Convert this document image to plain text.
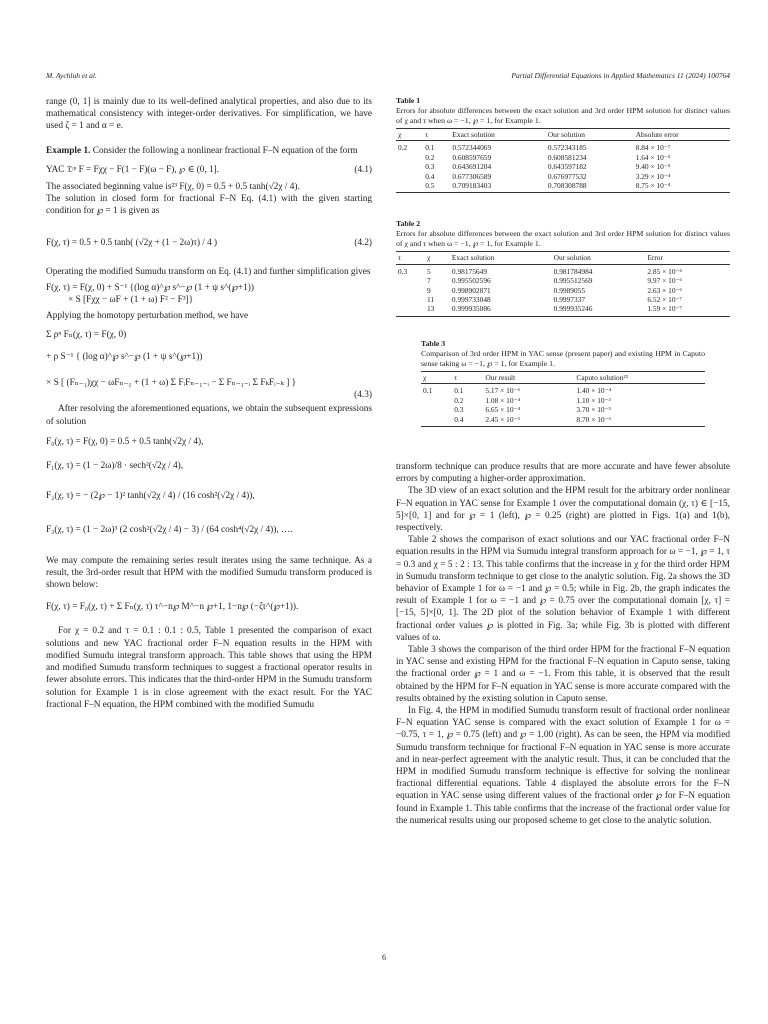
M. Aychluh et al.	Partial Differential Equations in Applied Mathematics 11 (2024) 100764

range (0, 1] is mainly due to its well-defined analytical properties, and also due to its mathematical consistency with integer-order derivatives. For simplification, we have used ζ = 1 and α = e.

Example 1. Consider the following a nonlinear fractional F–N equation of the form

YAC 𝔇ᵖ F = Fχχ − F(1 − F)(ω − F), ℘ ∈ (0, 1].	(4.1)

The associated beginning value is²³ F(χ, 0) = 0.5 + 0.5 tanh(√2χ / 4).

The solution in closed form for fractional F–N Eq. (4.1) with the given starting condition for ℘ = 1 is given as

F(χ, τ) = 0.5 + 0.5 tanh( (√2χ + (1 − 2ω)τ) / 4 )	(4.2)

Operating the modified Sumudu transform on Eq. (4.1) and further simplification gives

F(χ, τ) = F(χ, 0) + S⁻¹ {(log α)^℘ s^−℘ (1 + ψ s^(℘+1))
× S [Fχχ − ωF + (1 + ω) F² − F³]}

Applying the homotopy perturbation method, we have

Σ ρⁿ Fₙ(χ, τ) = F(χ, 0)
+ ρ S⁻¹ { (log α)^℘ s^−℘ (1 + ψ s^(℘+1))
× S [ (Fₙ₋₁)χχ − ωFₙ₋₁ + (1 + ω) Σ FᵢFₙ₋₁₋ᵢ − Σ Fₙ₋₁₋ᵢ Σ FₖFᵢ₋ₖ ] }
(4.3)

After resolving the aforementioned equations, we obtain the subsequent expressions of solution

F₀(χ, τ) = F(χ, 0) = 0.5 + 0.5 tanh(√2χ / 4),
F₁(χ, τ) = (1 − 2ω)/8 · sech²(√2χ / 4),
F₂(χ, τ) = − (2℘ − 1)² tanh(√2χ / 4) / (16 cosh²(√2χ / 4)),
F₃(χ, τ) = (1 − 2ω)³ (2 cosh²(√2χ / 4) − 3) / (64 cosh⁴(√2χ / 4)), ….

We may compute the remaining series result iterates using the same technique. As a result, the 3rd-order result that HPM with the modified Sumudu transform produced is shown below:

F(χ, τ) = F₀(χ, τ) + Σ Fₙ(χ, τ) τ^−n℘ M^−n ℘+1, 1−n℘ (−ζτ^(℘+1)).

For χ = 0.2 and τ = 0.1 : 0.1 : 0.5, Table 1 presented the comparison of exact solutions and new YAC fractional order F–N equation results in the HPM with modified Sumudu integral transform approach. This table shows that using the HPM and modified Sumudu transform techniques to suggest a fractional operator results in fewer absolute errors. This indicates that the third-order HPM in the Sumudu transform solution for Example 1 is in close agreement with the exact result. For the YAC fractional F–N equation, the HPM combined with the modified Sumudu

Table 1
Errors for absolute differences between the exact solution and 3rd order HPM solution for distinct values of χ and τ when ω = −1, ℘ = 1, for Example 1.
χ	τ	Exact solution	Our solution	Absolute error
0.2	0.1	0.572344069	0.572343185	8.84 × 10⁻⁷
	0.2	0.608597659	0.608581234	1.64 × 10⁻⁵
	0.3	0.643691204	0.643597182	9.40 × 10⁻⁵
	0.4	0.677306589	0.676977532	3.29 × 10⁻⁴
	0.5	0.709183403	0.708308788	8.75 × 10⁻⁴
Table 2
Errors for absolute differences between the exact solution and 3rd order HPM solution for distinct values of χ and τ when ω = −1, ℘ = 1, for Example 1.
τ	χ	Exact solution	Our solution	Error
0.3	5	0.98175649	0.981784984	2.85 × 10⁻⁵
	7	0.995502596	0.995512569	9.97 × 10⁻⁶
	9	0.998902871	0.9989055	2.63 × 10⁻⁶
	11	0.999733048	0.9997337	6.52 × 10⁻⁷
	13	0.999935086	0.999935246	1.59 × 10⁻⁷
Table 3
Comparison of 3rd order HPM in YAC sense (present paper) and existing HPM in Caputo sense taking ω = −1, ℘ = 1, for Example 1.
χ	τ	Our result	Caputo solution²³
0.1	0.1	5.17 × 10⁻⁶	1.40 × 10⁻⁴
	0.2	1.08 × 10⁻⁴	1.10 × 10⁻³
	0.3	6.65 × 10⁻⁴	3.70 × 10⁻³
	0.4	2.45 × 10⁻³	8.70 × 10⁻³

transform technique can produce results that are more accurate and have fewer absolute errors by computing a higher-order approximation.

The 3D view of an exact solution and the HPM result for the arbitrary order nonlinear F–N equation in YAC sense for Example 1 over the computational domain (χ, τ) ∈ [−15, 5]×[0, 1] and for ℘ = 1 (left), ℘ = 0.25 (right) are plotted in Figs. 1(a) and 1(b), respectively.

Table 2 shows the comparison of exact solutions and our YAC fractional order F–N equation results in the HPM via Sumudu integral transform approach for ω = −1, ℘ = 1, τ = 0.3 and χ = 5 : 2 : 13. This table confirms that the increase in χ for the third order HPM in Sumudu transform technique to get close to the analytic solution. Fig. 2a shows the 3D behavior of Example 1 for ω = −1 and ℘ = 0.5; while in Fig. 2b, the graph indicates the result of Example 1 for ω = −1 and ℘ = 0.75 over the computational domain [χ, τ] = [−15, 5]×[0, 1]. The 2D plot of the solution behavior of Example 1 with different fractional order values ℘ is plotted in Fig. 3a; while Fig. 3b is plotted with different values of ω.

Table 3 shows the comparison of the third order HPM for the fractional F–N equation in YAC sense and existing HPM for the fractional F–N equation in Caputo sense, taking the fractional order ℘ = 1 and ω = −1. From this table, it is observed that the result obtained by the HPM for F–N equation in YAC sense is more accurate compared with the results obtained by the existing solution in Caputo sense.

In Fig. 4, the HPM in modified Sumudu transform result of fractional order nonlinear F–N equation YAC sense is compared with the exact solution of Example 1 for ω = −0.75, τ = 1, ℘ = 0.75 (left) and ℘ = 1.00 (right). As can be seen, the HPM via modified Sumudu transform technique for fractional F–N equation in YAC sense is more accurate and in near-perfect agreement with the analytic result. Thus, it can be concluded that the HPM in modified Sumudu transform technique is effective for solving the nonlinear fractional differential equations. Table 4 displayed the absolute errors for the F–N equation in YAC sense using different values of the fractional order ℘ for F–N equation found in Example 1. This table confirms that the increase of the fractional order value for the numerical results using our proposed scheme to get close to the analytic solution.

6
